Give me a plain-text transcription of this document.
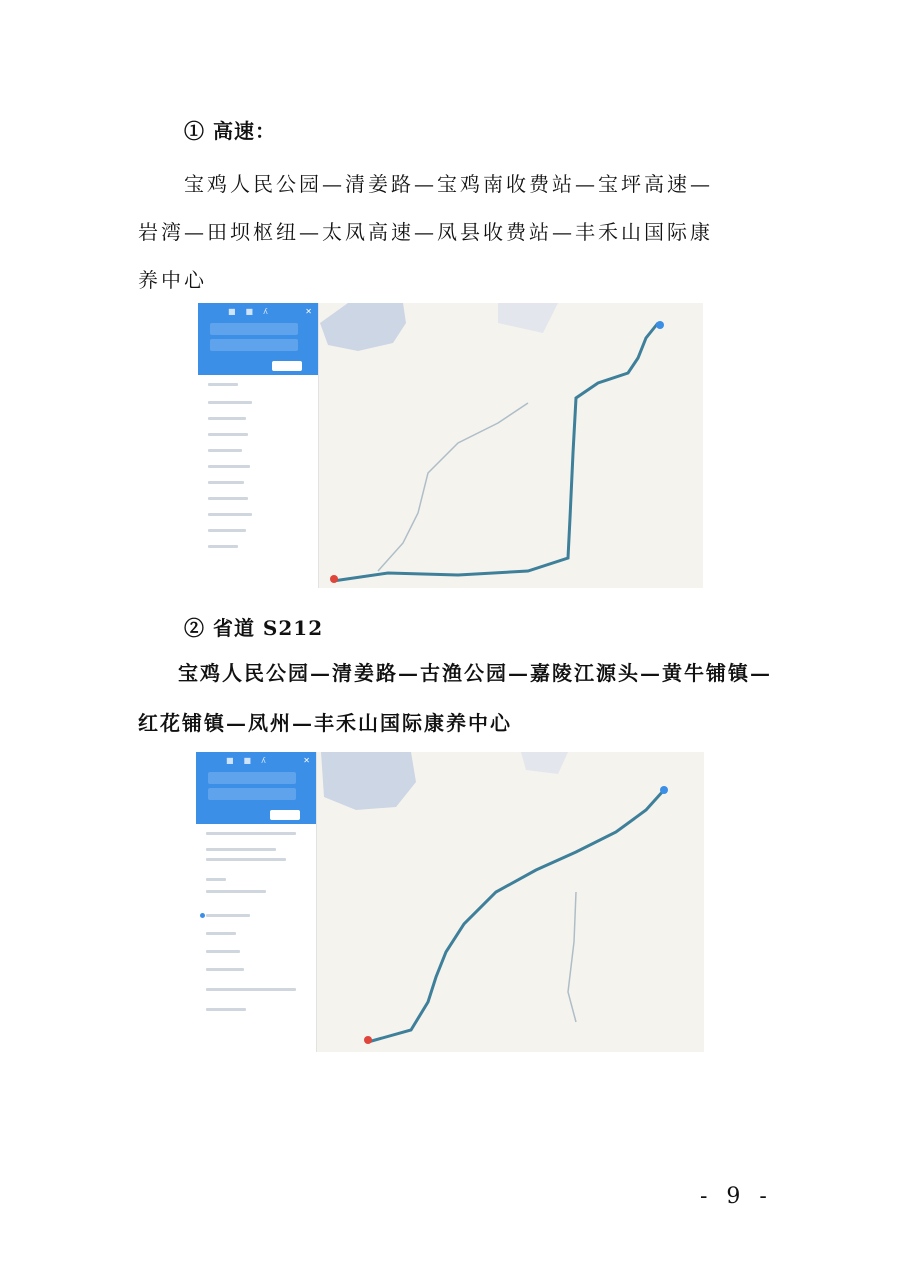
① 高速：
宝鸡人民公园—清姜路—宝鸡南收费站—宝坪高速—
岩湾—田坝枢纽—太凤高速—凤县收费站—丰禾山国际康
养中心
■■ʎ	✕
② 省道 S212
宝鸡人民公园—清姜路—古渔公园—嘉陵江源头—黄牛铺镇—
红花铺镇—凤州—丰禾山国际康养中心
■■ʎ	✕
- 9 -
